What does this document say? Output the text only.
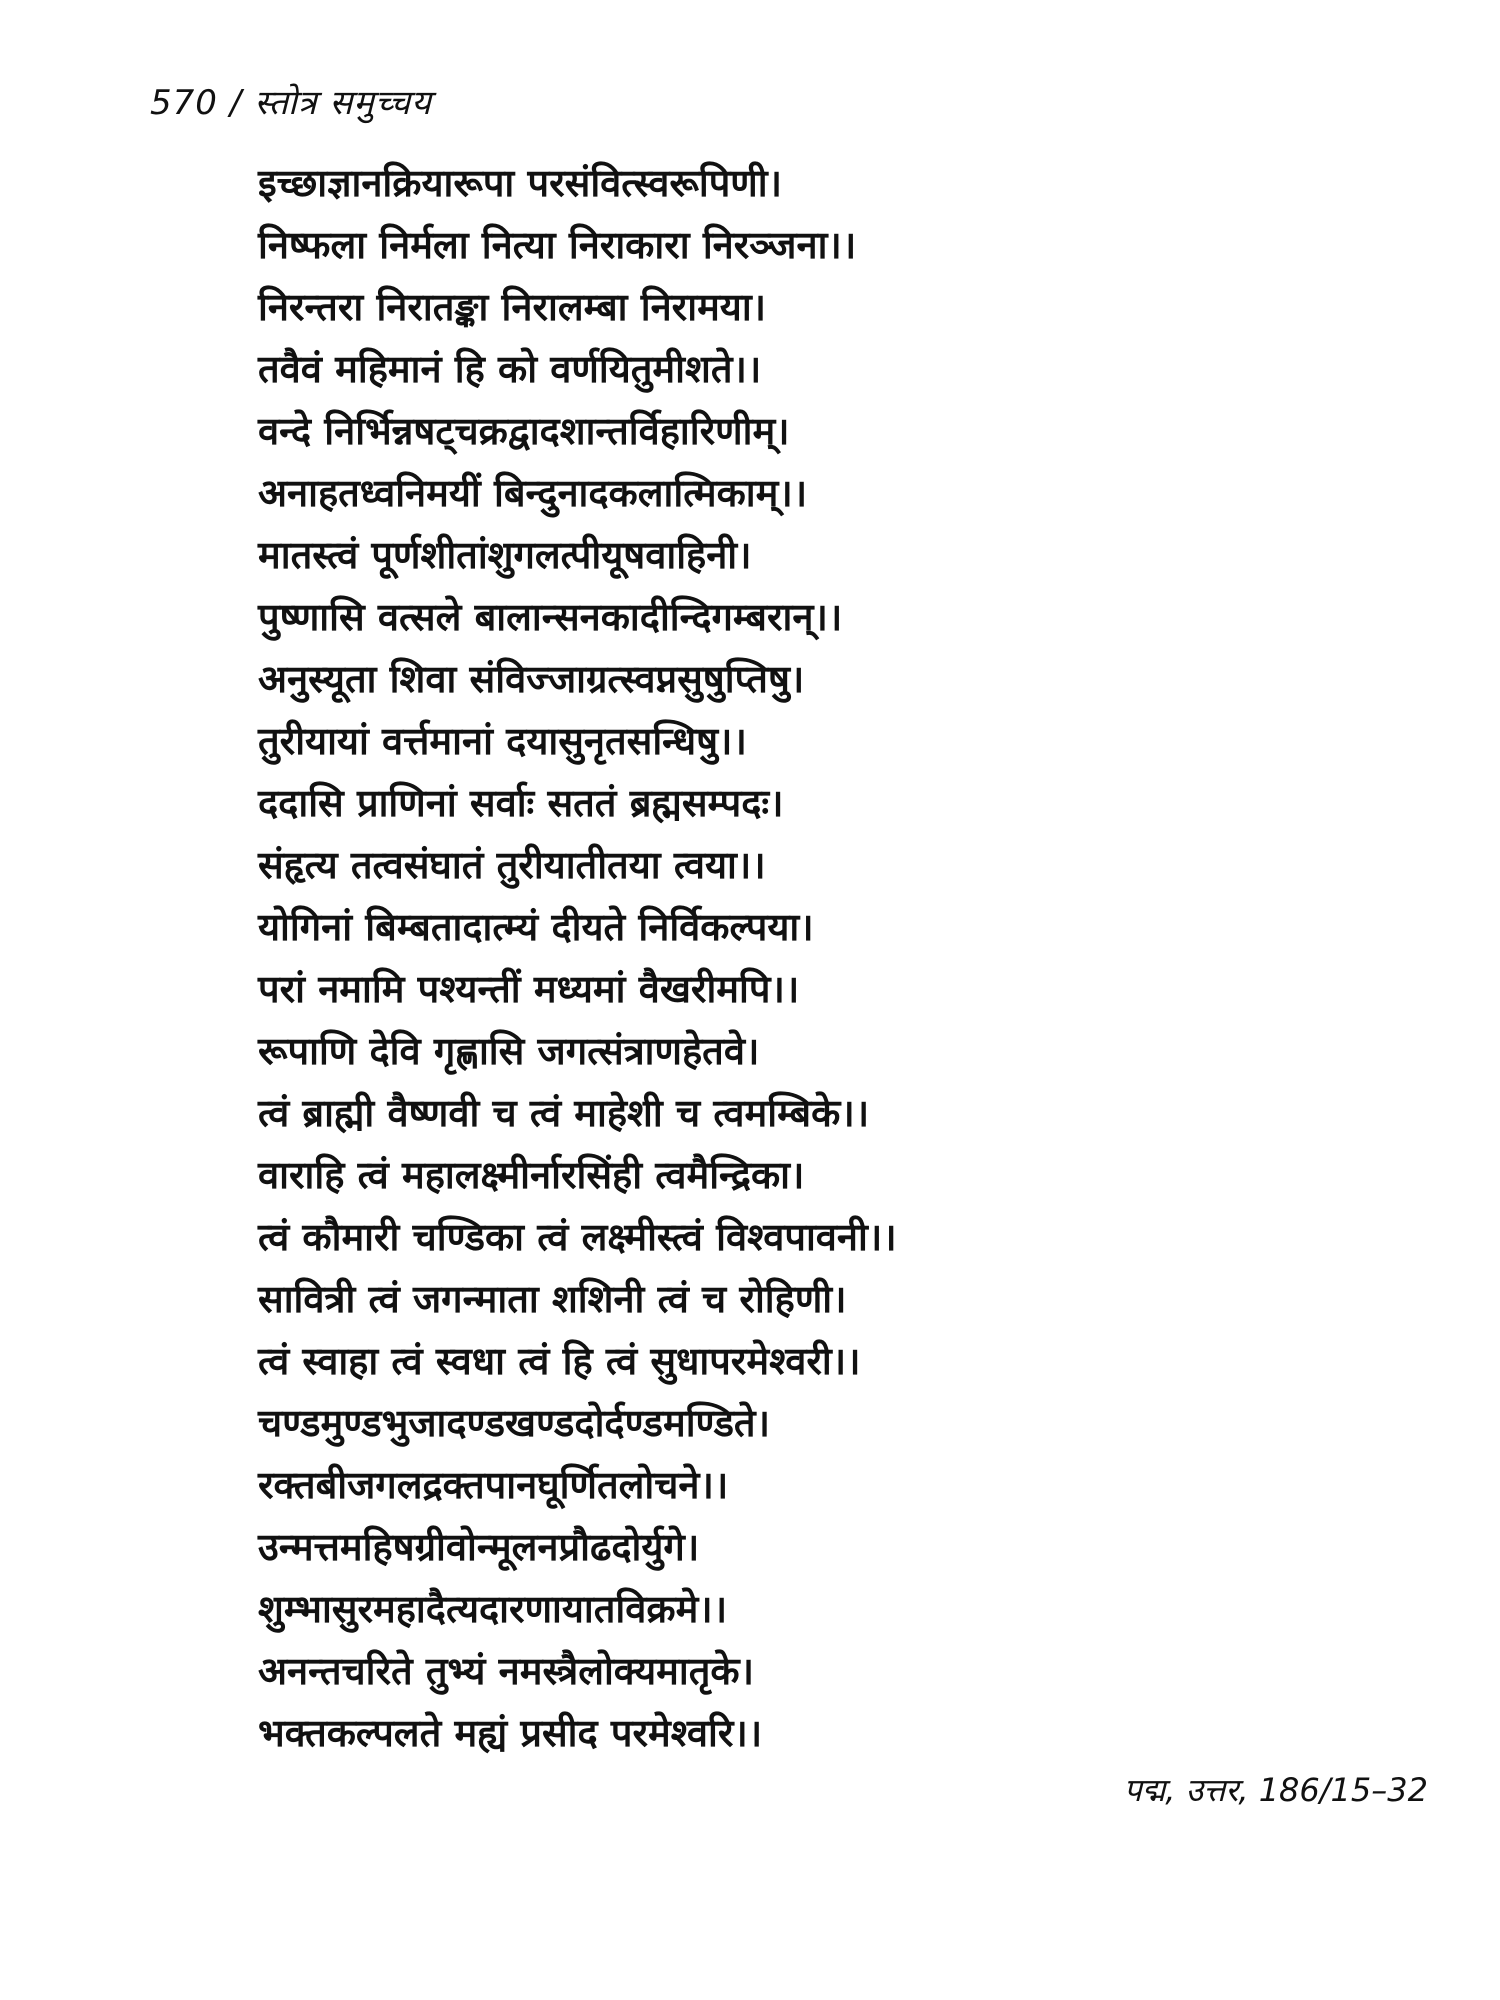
570 / स्तोत्र समुच्चय
इच्छाज्ञानक्रियारूपा परसंवित्स्वरूपिणी।
निष्फला निर्मला नित्या निराकारा निरञ्जना।।
निरन्तरा निरातङ्का निरालम्बा निरामया।
तवैवं महिमानं हि को वर्णयितुमीशते।।
वन्दे निर्भिन्नषट्चक्रद्वादशान्तर्विहारिणीम्।
अनाहतध्वनिमयीं बिन्दुनादकलात्मिकाम्।।
मातस्त्वं पूर्णशीतांशुगलत्पीयूषवाहिनी।
पुष्णासि वत्सले बालान्सनकादीन्दिगम्बरान्।।
अनुस्यूता शिवा संविज्जाग्रत्स्वप्नसुषुप्तिषु।
तुरीयायां वर्त्तमानां दयासुनृतसन्धिषु।।
ददासि प्राणिनां सर्वाः सततं ब्रह्मसम्पदः।
संहृत्य तत्वसंघातं तुरीयातीतया त्वया।।
योगिनां बिम्बतादात्म्यं दीयते निर्विकल्पया।
परां नमामि पश्यन्तीं मध्यमां वैखरीमपि।।
रूपाणि देवि गृह्णासि जगत्संत्राणहेतवे।
त्वं ब्राह्मी वैष्णवी च त्वं माहेशी च त्वमम्बिके।।
वाराहि त्वं महालक्ष्मीर्नारसिंही त्वमैन्द्रिका।
त्वं कौमारी चण्डिका त्वं लक्ष्मीस्त्वं विश्वपावनी।।
सावित्री त्वं जगन्माता शशिनी त्वं च रोहिणी।
त्वं स्वाहा त्वं स्वधा त्वं हि त्वं सुधापरमेश्वरी।।
चण्डमुण्डभुजादण्डखण्डदोर्दण्डमण्डिते।
रक्तबीजगलद्रक्तपानघूर्णितलोचने।।
उन्मत्तमहिषग्रीवोन्मूलनप्रौढदोर्युगे।
शुम्भासुरमहादैत्यदारणायातविक्रमे।।
अनन्तचरिते तुभ्यं नमस्त्रैलोक्यमातृके।
भक्तकल्पलते मह्यं प्रसीद परमेश्वरि।।
पद्म, उत्तर, 186/15–32
